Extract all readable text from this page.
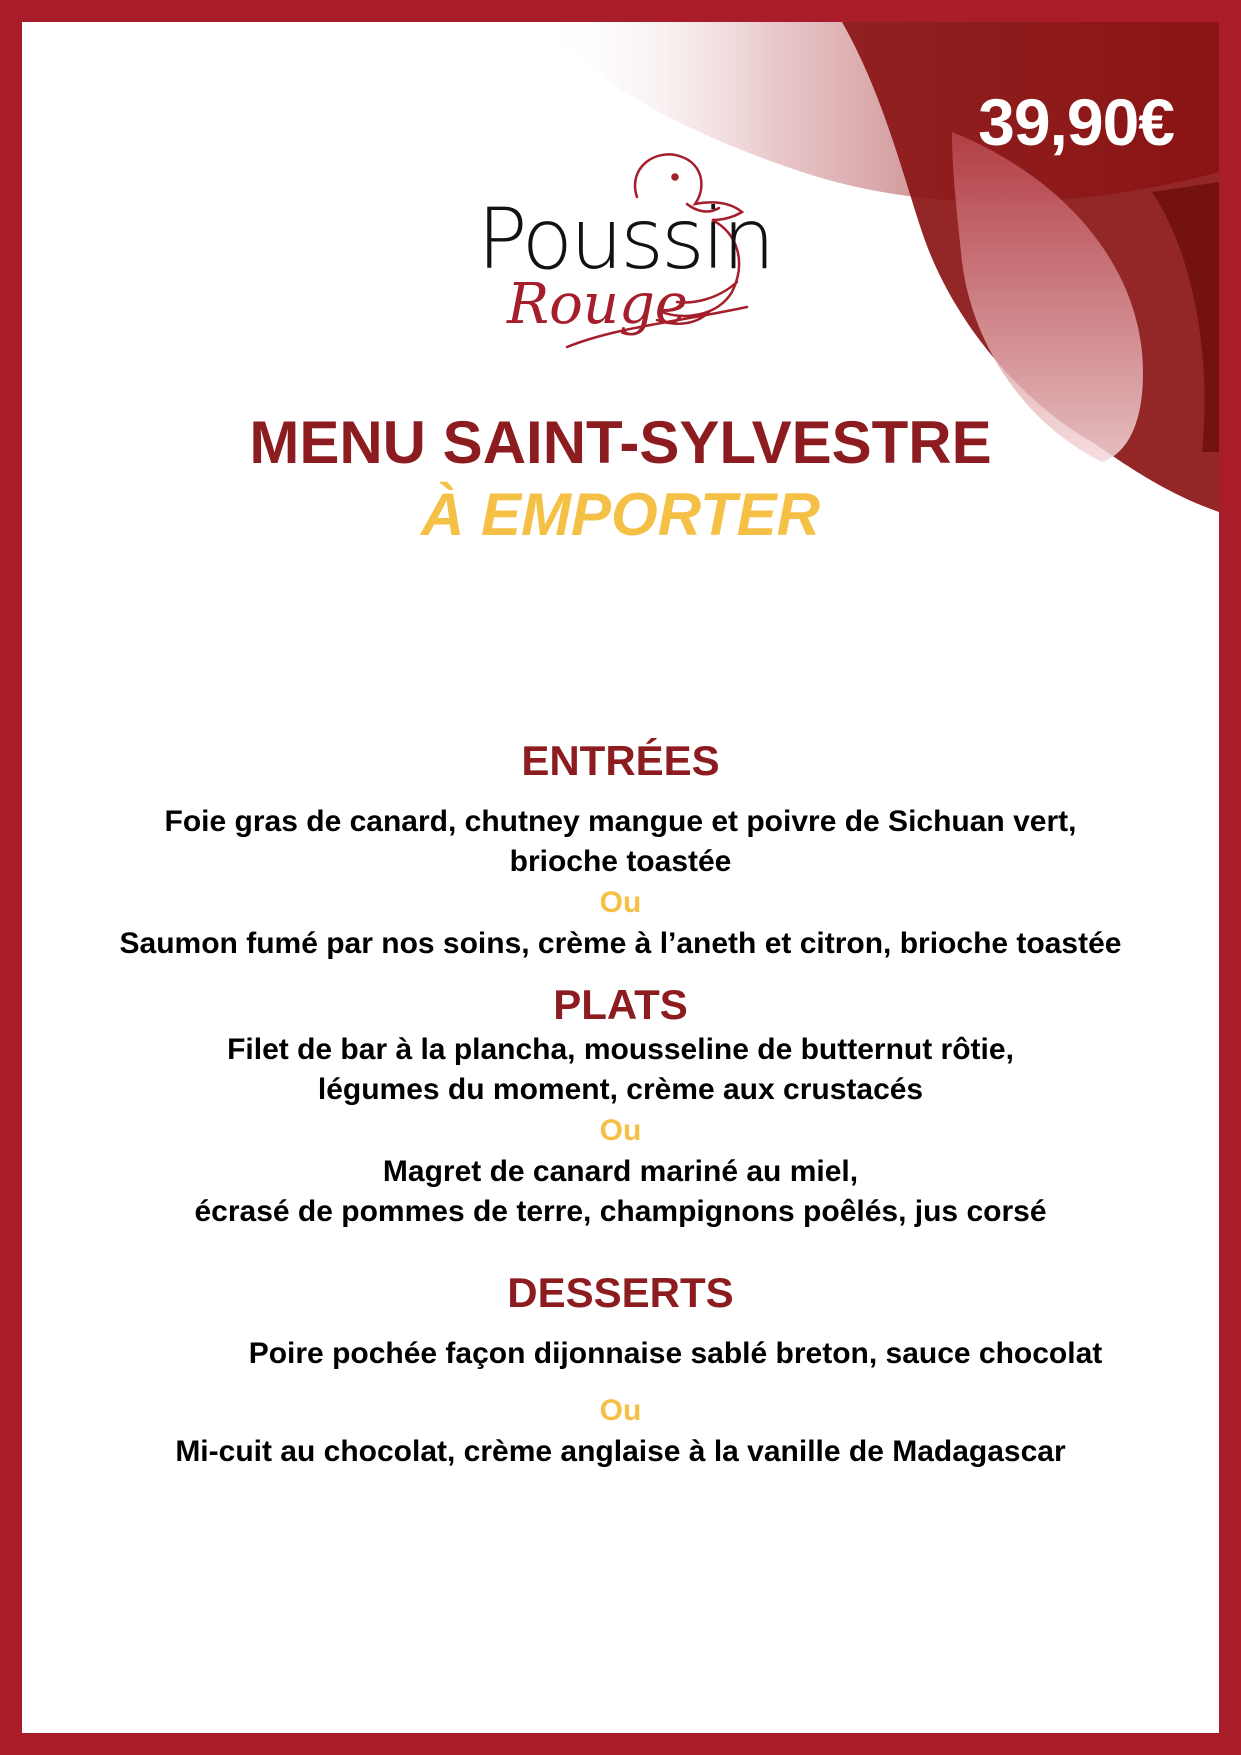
39,90€
Poussin
Rouge
MENU SAINT-SYLVESTRE
À EMPORTER
ENTRÉES
Foie gras de canard, chutney mangue et poivre de Sichuan vert,
brioche toastée
Ou
Saumon fumé par nos soins, crème à l’aneth et citron, brioche toastée
PLATS
Filet de bar à la plancha, mousseline de butternut rôtie,
légumes du moment, crème aux crustacés
Ou
Magret de canard mariné au miel,
écrasé de pommes de terre, champignons poêlés, jus corsé
DESSERTS
Poire pochée façon dijonnaise sablé breton, sauce chocolat
Ou
Mi-cuit au chocolat, crème anglaise à la vanille de Madagascar
